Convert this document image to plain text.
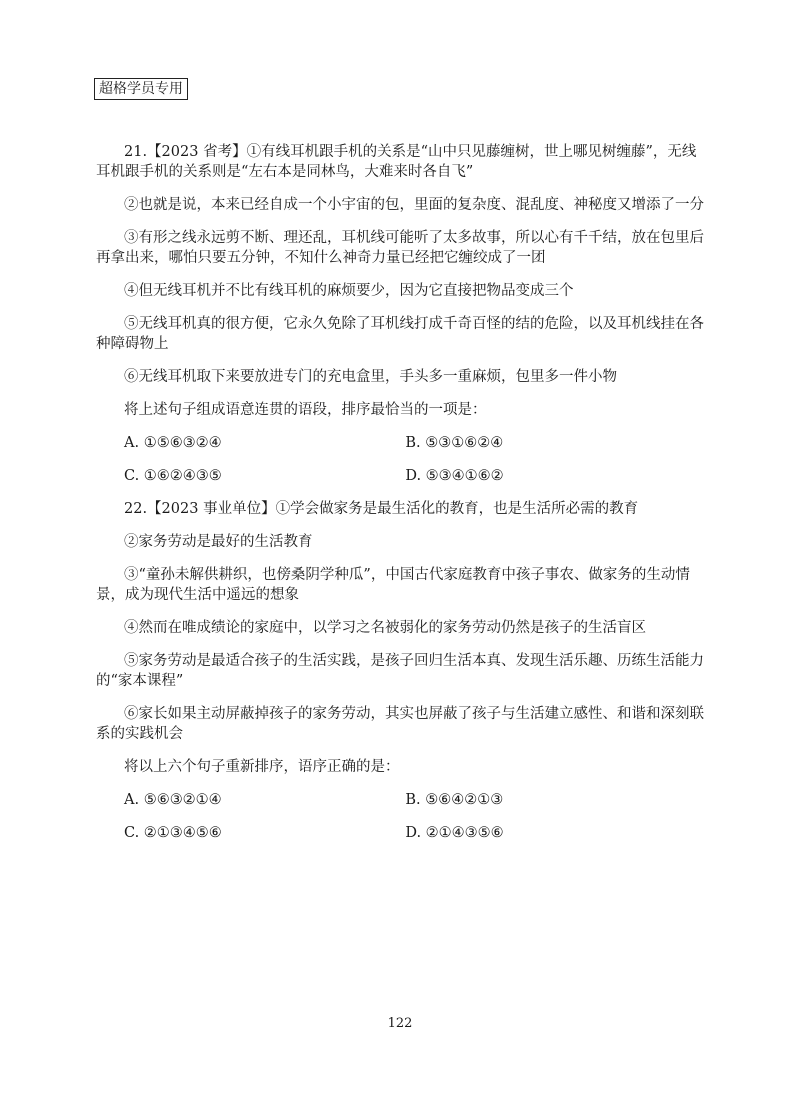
超格学员专用

21.【2023 省考】①有线耳机跟手机的关系是“山中只见藤缠树，世上哪见树缠藤”，无线耳机跟手机的关系则是“左右本是同林鸟，大难来时各自飞”

②也就是说，本来已经自成一个小宇宙的包，里面的复杂度、混乱度、神秘度又增添了一分

③有形之线永远剪不断、理还乱，耳机线可能听了太多故事，所以心有千千结，放在包里后再拿出来，哪怕只要五分钟，不知什么神奇力量已经把它缠绞成了一团

④但无线耳机并不比有线耳机的麻烦要少，因为它直接把物品变成三个

⑤无线耳机真的很方便，它永久免除了耳机线打成千奇百怪的结的危险，以及耳机线挂在各种障碍物上

⑥无线耳机取下来要放进专门的充电盒里，手头多一重麻烦，包里多一件小物

将上述句子组成语意连贯的语段，排序最恰当的一项是：

A. ①⑤⑥③②④	B. ⑤③①⑥②④
C. ①⑥②④③⑤	D. ⑤③④①⑥②

22.【2023 事业单位】①学会做家务是最生活化的教育，也是生活所必需的教育

②家务劳动是最好的生活教育

③“童孙未解供耕织，也傍桑阴学种瓜”，中国古代家庭教育中孩子事农、做家务的生动情景，成为现代生活中遥远的想象

④然而在唯成绩论的家庭中，以学习之名被弱化的家务劳动仍然是孩子的生活盲区

⑤家务劳动是最适合孩子的生活实践，是孩子回归生活本真、发现生活乐趣、历练生活能力的“家本课程”

⑥家长如果主动屏蔽掉孩子的家务劳动，其实也屏蔽了孩子与生活建立感性、和谐和深刻联系的实践机会

将以上六个句子重新排序，语序正确的是：

A. ⑤⑥③②①④	B. ⑤⑥④②①③
C. ②①③④⑤⑥	D. ②①④③⑤⑥
122
